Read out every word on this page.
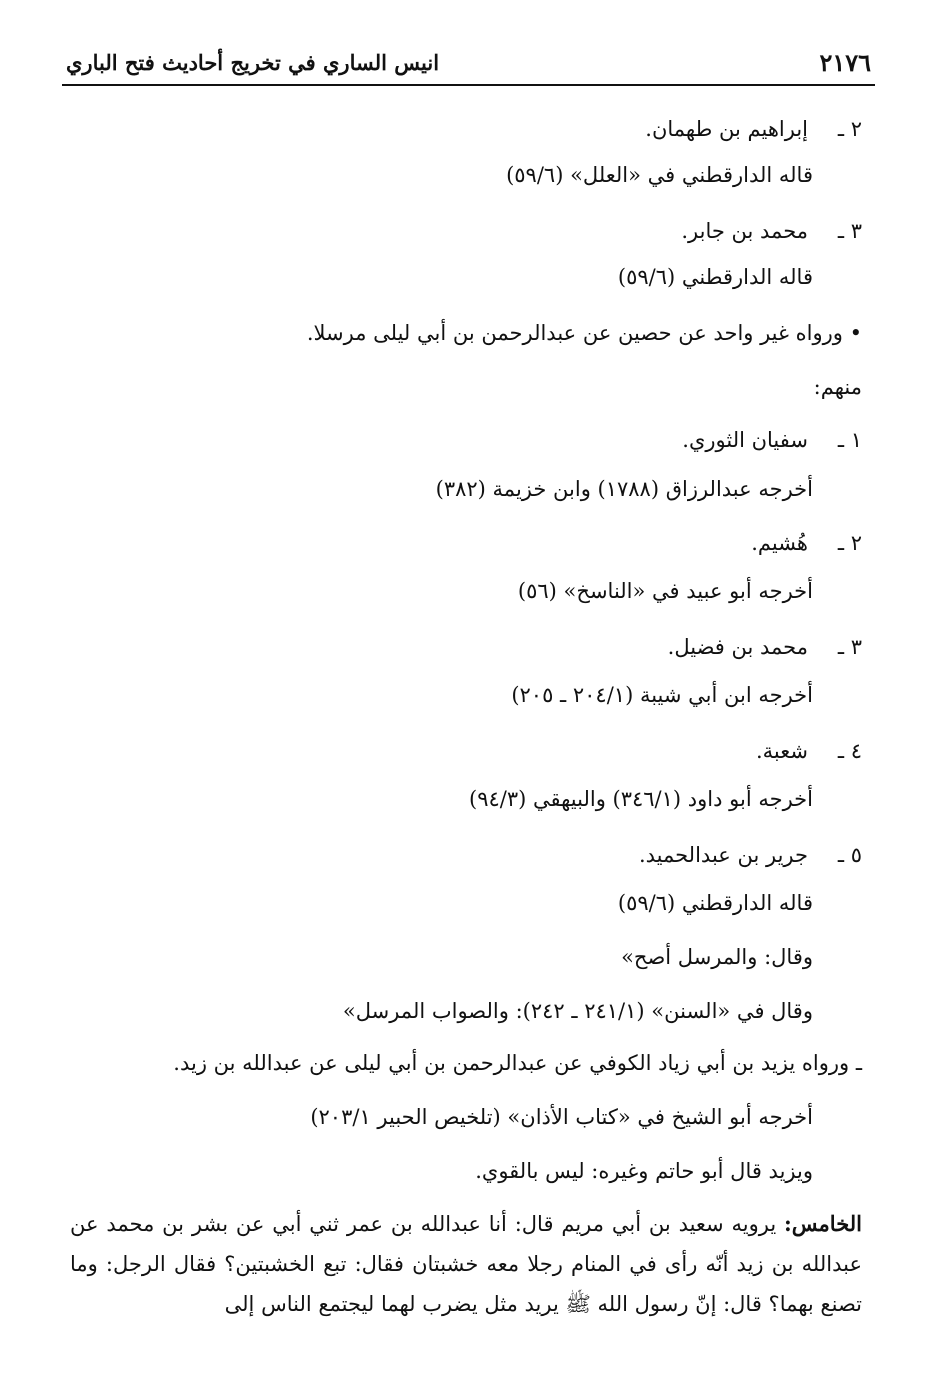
٢١٧٦
انيس الساري في تخريج أحاديث فتح الباري
٢ ـإبراهيم بن طهمان.
قاله الدارقطني في «العلل» (٥٩/٦)
٣ ـمحمد بن جابر.
قاله الدارقطني (٥٩/٦)
• ورواه غير واحد عن حصين عن عبدالرحمن بن أبي ليلى مرسلا.
منهم:
١ ـسفيان الثوري.
أخرجه عبدالرزاق (١٧٨٨) وابن خزيمة (٣٨٢)
٢ ـهُشيم.
أخرجه أبو عبيد في «الناسخ» (٥٦)
٣ ـمحمد بن فضيل.
أخرجه ابن أبي شيبة (٢٠٤/١ ـ ٢٠٥)
٤ ـشعبة.
أخرجه أبو داود (٣٤٦/١) والبيهقي (٩٤/٣)
٥ ـجرير بن عبدالحميد.
قاله الدارقطني (٥٩/٦)
وقال: والمرسل أصح»
وقال في «السنن» (٢٤١/١ ـ ٢٤٢): والصواب المرسل»
ـ ورواه يزيد بن أبي زياد الكوفي عن عبدالرحمن بن أبي ليلى عن عبدالله بن زيد.
أخرجه أبو الشيخ في «كتاب الأذان» (تلخيص الحبير ٢٠٣/١)
ويزيد قال أبو حاتم وغيره: ليس بالقوي.
الخامس: يرويه سعيد بن أبي مريم قال: أنا عبدالله بن عمر ثني أبي عن بشر بن محمد عن عبدالله بن زيد أنّه رأى في المنام رجلا معه خشبتان فقال: تبع الخشبتين؟ فقال الرجل: وما تصنع بهما؟ قال: إنّ رسول الله ﷺ يريد مثل يضرب لهما ليجتمع الناس إلى
